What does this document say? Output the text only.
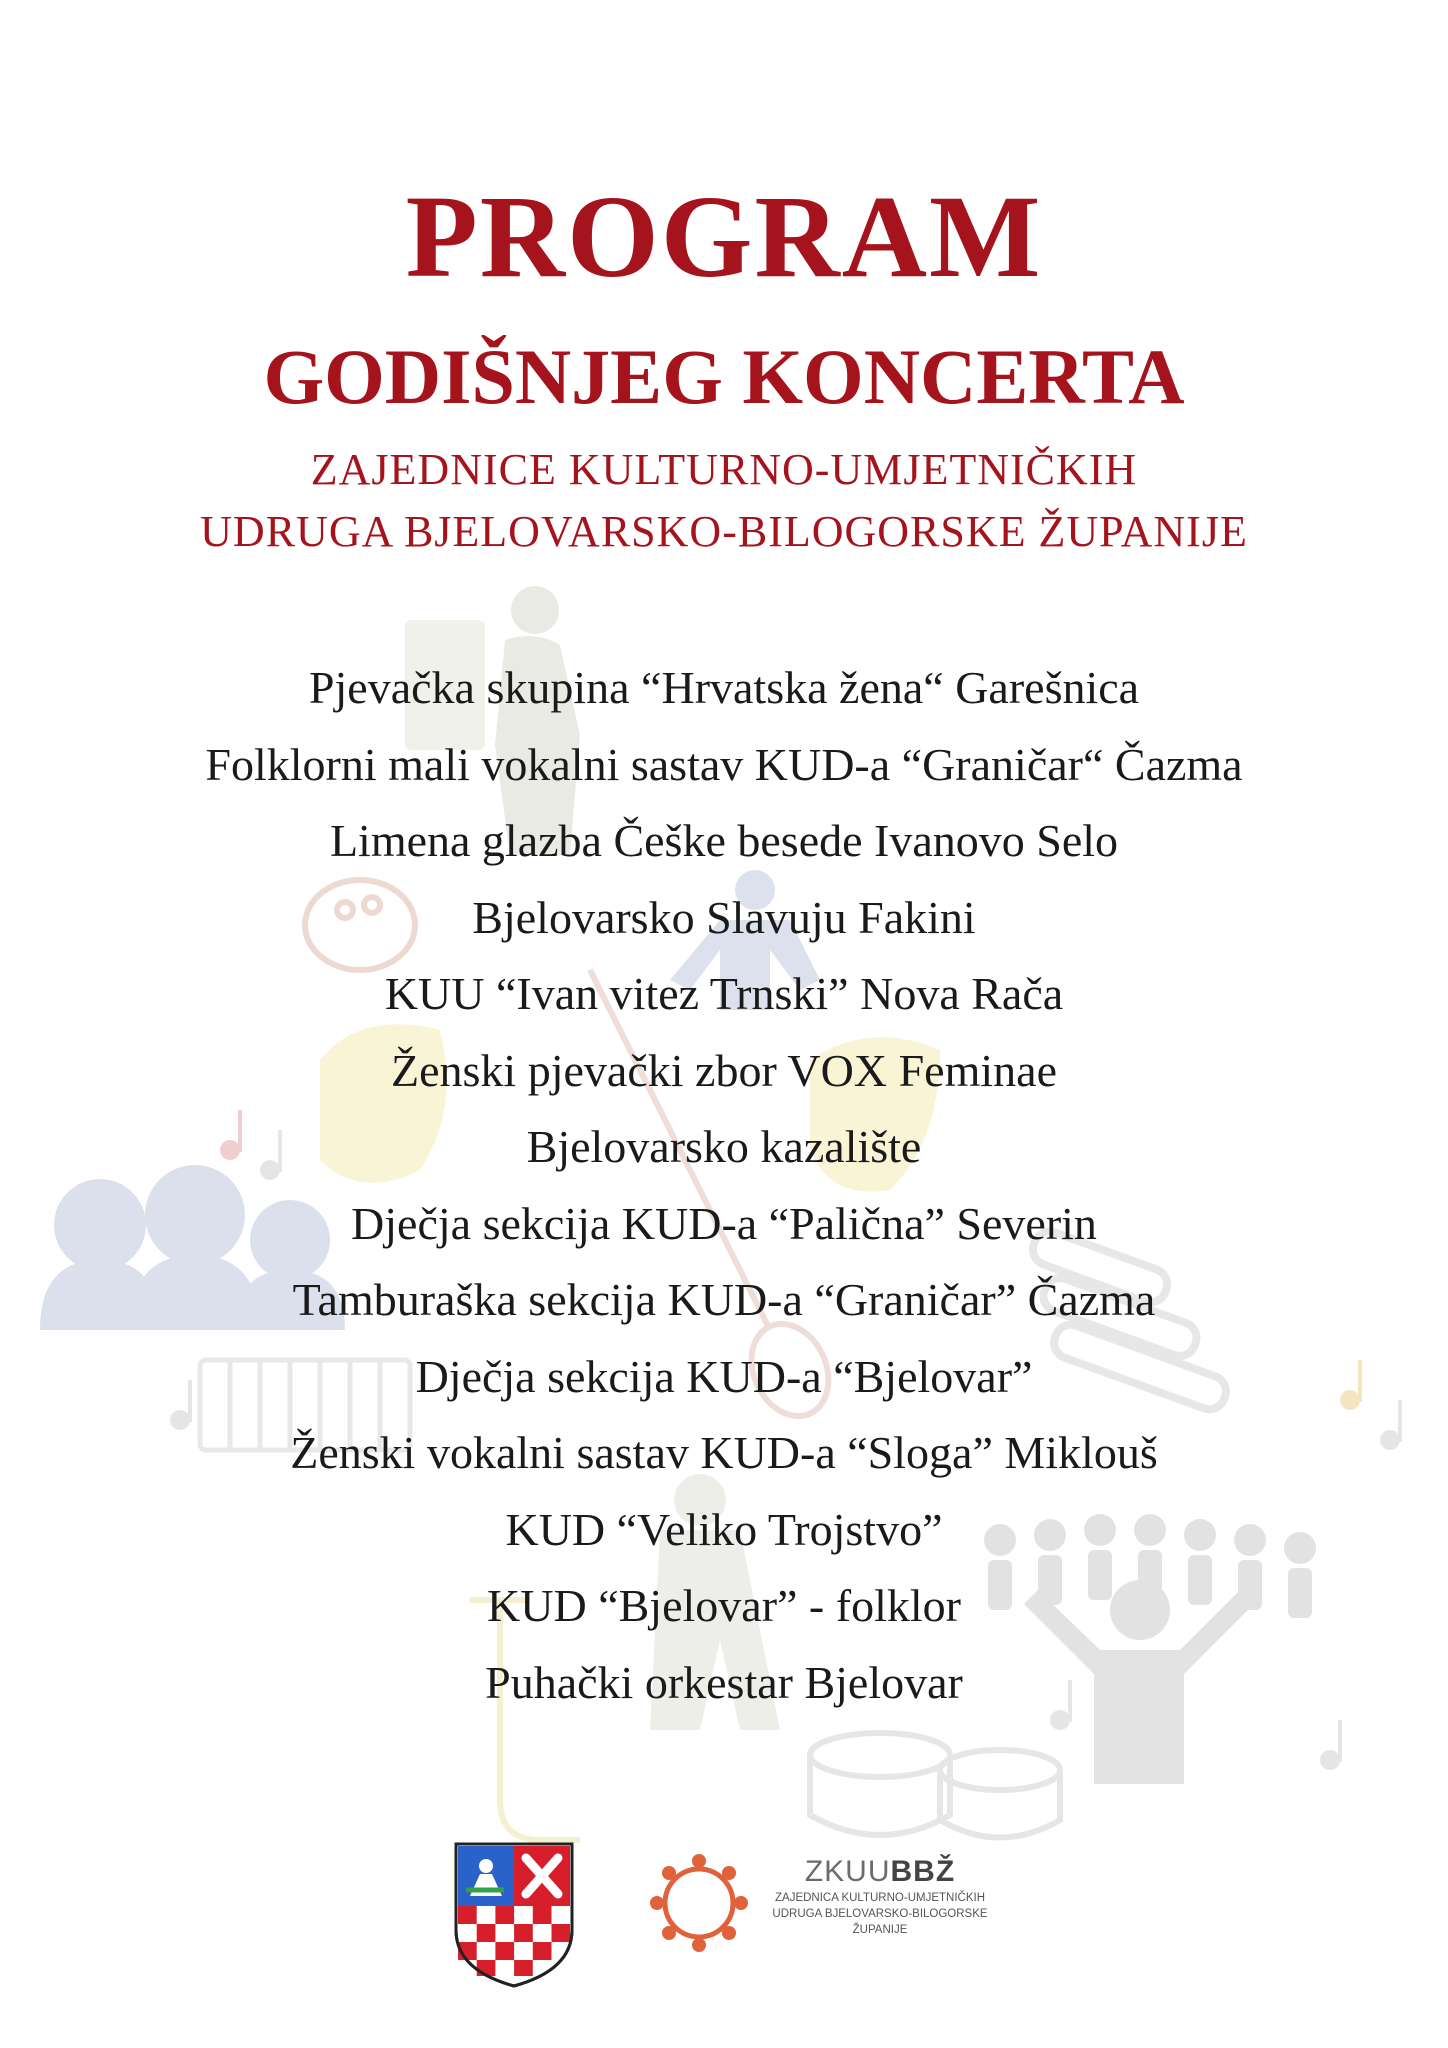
PROGRAM
GODIŠNJEG KONCERTA

ZAJEDNICE KULTURNO-UMJETNIČKIH

UDRUGA BJELOVARSKO-BILOGORSKE ŽUPANIJE

Pjevačka skupina “Hrvatska žena“ Garešnica
Folklorni mali vokalni sastav KUD-a “Graničar“ Čazma
Limena glazba Češke besede Ivanovo Selo
Bjelovarsko Slavuju Fakini
KUU “Ivan vitez Trnski” Nova Rača
Ženski pjevački zbor VOX Feminae
Bjelovarsko kazalište
Dječja sekcija KUD-a “Palična” Severin
Tamburaška sekcija KUD-a “Graničar” Čazma
Dječja sekcija KUD-a “Bjelovar”
Ženski vokalni sastav KUD-a “Sloga” Miklouš
KUD “Veliko Trojstvo”
KUD “Bjelovar” - folklor
Puhački orkestar Bjelovar
ZKUUBBŽ
ZAJEDNICA KULTURNO-UMJETNIČKIH
UDRUGA BJELOVARSKO-BILOGORSKE
ŽUPANIJE
